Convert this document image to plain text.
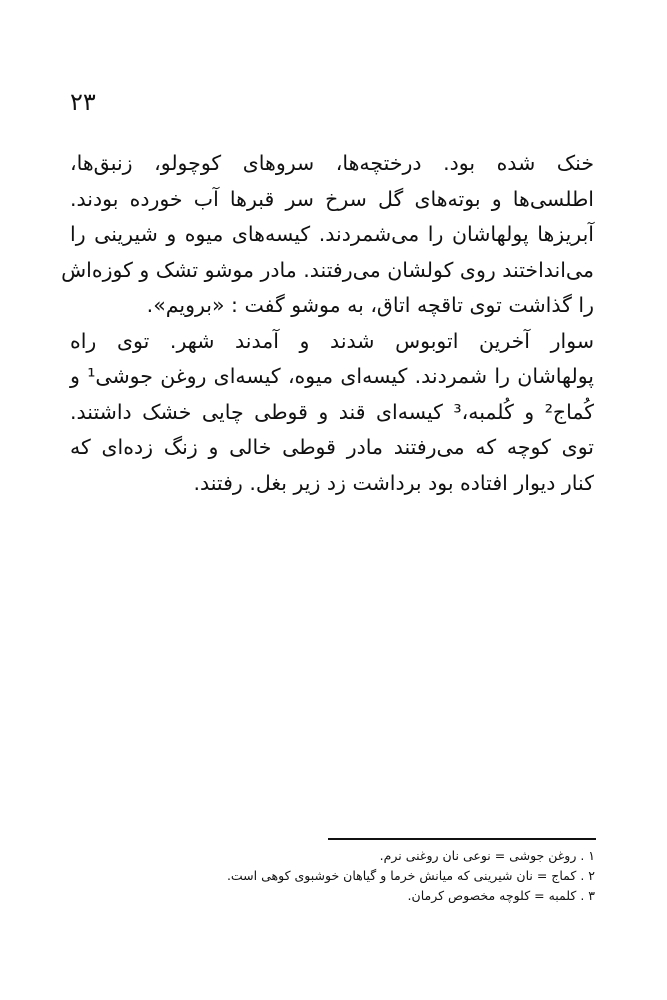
٢٣
خنک شده بود. درختچه‌ها، سروهای کوچولو، زنبق‌ها،
اطلسی‌ها و بوته‌های گل سرخ سر قبرها آب خورده بودند.
آبریزها پولهاشان را می‌شمردند. کیسه‌های میوه و شیرینی را
می‌انداختند روی کولشان می‌رفتند. مادر موشو تشک و کوزه‌اش
را گذاشت توی تاقچه اتاق، به موشو گفت : «برویم».
سوار آخرین اتوبوس شدند و آمدند شهر. توی راه
پولهاشان را شمردند. کیسه‌ای میوه، کیسه‌ای روغن جوشی¹ و
کُماج² و کُلمبه،³ کیسه‌ای قند و قوطی چایی خشک داشتند.
توی کوچه که می‌رفتند مادر قوطی خالی و زنگ زده‌ای که
کنار دیوار افتاده بود برداشت زد زیر بغل. رفتند.
١ . روغن جوشی = نوعی نان روغنی نرم.
٢ . کماج = نان شیرینی که میانش خرما و گیاهان خوشبوی کوهی است.
٣ . کلمبه = کلوچه مخصوص کرمان.
